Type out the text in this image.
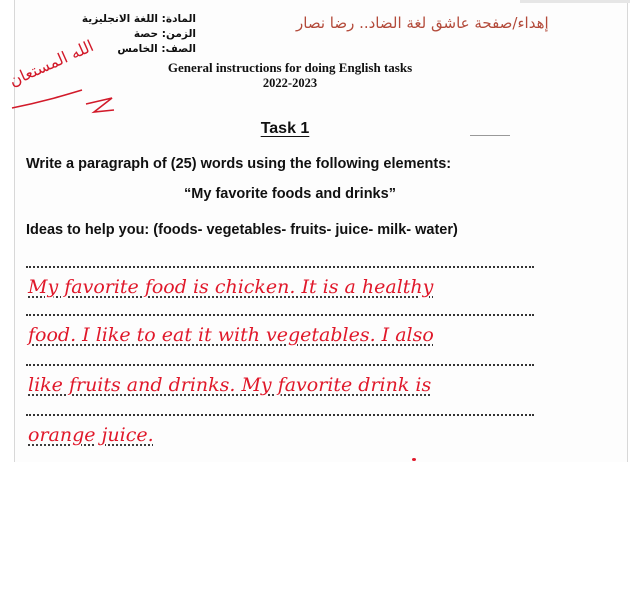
المادة: اللغة الانجليزية
الزمن: حصة
الصف: الخامس
إهداء/صفحة عاشق لغة الضاد.. رضا نصار
الله المستعان	General instructions for doing English tasks
2022-2023
Task 1
Write a paragraph of (25) words using the following elements:
“My favorite foods and drinks”
Ideas to help you: (foods- vegetables- fruits- juice- milk- water)
My favorite food is chicken. It is a healthy
food. I like to eat it with vegetables. I also
like fruits and drinks. My favorite drink is
orange juice.
